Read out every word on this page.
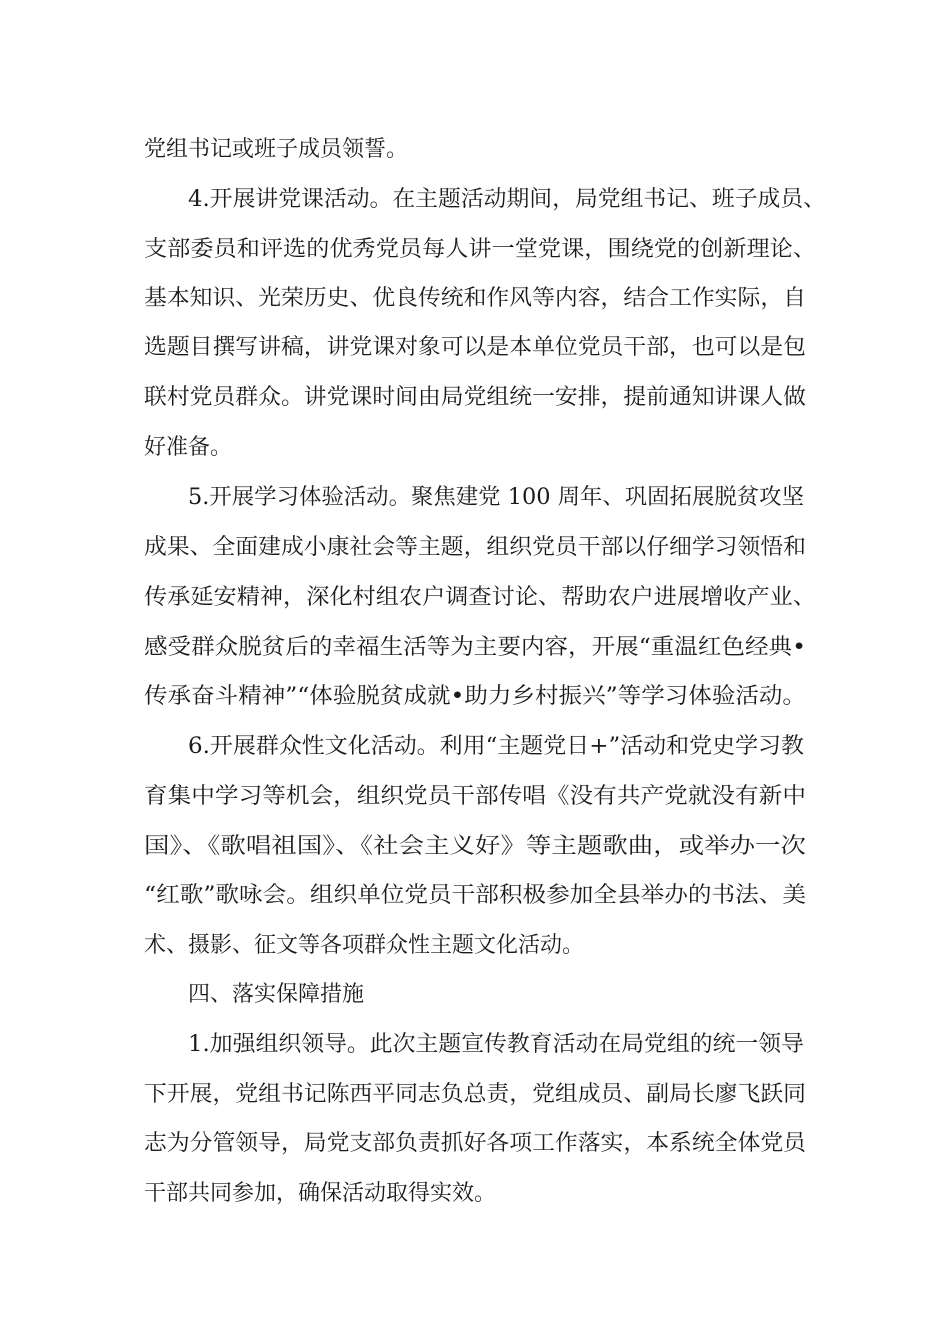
党组书记或班子成员领誓。
4.开展讲党课活动。在主题活动期间，局党组书记、班子成员、
支部委员和评选的优秀党员每人讲一堂党课，围绕党的创新理论、
基本知识、光荣历史、优良传统和作风等内容，结合工作实际，自
选题目撰写讲稿，讲党课对象可以是本单位党员干部，也可以是包
联村党员群众。讲党课时间由局党组统一安排，提前通知讲课人做
好准备。
5.开展学习体验活动。聚焦建党 100 周年、巩固拓展脱贫攻坚
成果、全面建成小康社会等主题，组织党员干部以仔细学习领悟和
传承延安精神，深化村组农户调查讨论、帮助农户进展增收产业、
感受群众脱贫后的幸福生活等为主要内容，开展“重温红色经典•
传承奋斗精神”“体验脱贫成就•助力乡村振兴”等学习体验活动。
6.开展群众性文化活动。利用“主题党日+”活动和党史学习教
育集中学习等机会，组织党员干部传唱《没有共产党就没有新中
国》、《歌唱祖国》、《社会主义好》等主题歌曲，或举办一次
“红歌”歌咏会。组织单位党员干部积极参加全县举办的书法、美
术、摄影、征文等各项群众性主题文化活动。
四、落实保障措施
1.加强组织领导。此次主题宣传教育活动在局党组的统一领导
下开展，党组书记陈西平同志负总责，党组成员、副局长廖飞跃同
志为分管领导，局党支部负责抓好各项工作落实，本系统全体党员
干部共同参加，确保活动取得实效。
